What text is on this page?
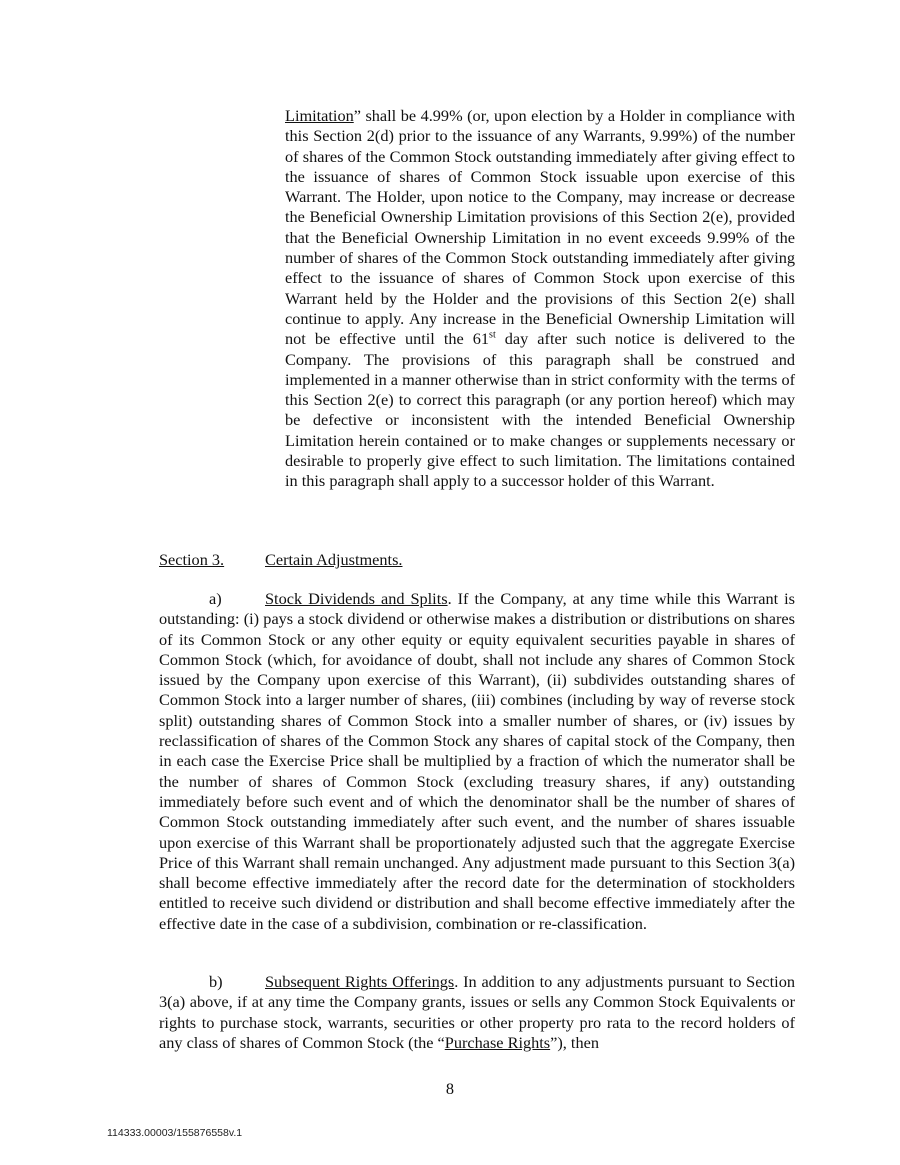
Limitation” shall be 4.99% (or, upon election by a Holder in compliance with this Section 2(d) prior to the issuance of any Warrants, 9.99%) of the number of shares of the Common Stock outstanding immediately after giving effect to the issuance of shares of Common Stock issuable upon exercise of this Warrant. The Holder, upon notice to the Company, may increase or decrease the Beneficial Ownership Limitation provisions of this Section 2(e), provided that the Beneficial Ownership Limitation in no event exceeds 9.99% of the number of shares of the Common Stock outstanding immediately after giving effect to the issuance of shares of Common Stock upon exercise of this Warrant held by the Holder and the provisions of this Section 2(e) shall continue to apply. Any increase in the Beneficial Ownership Limitation will not be effective until the 61st day after such notice is delivered to the Company. The provisions of this paragraph shall be construed and implemented in a manner otherwise than in strict conformity with the terms of this Section 2(e) to correct this paragraph (or any portion hereof) which may be defective or inconsistent with the intended Beneficial Ownership Limitation herein contained or to make changes or supplements necessary or desirable to properly give effect to such limitation. The limitations contained in this paragraph shall apply to a successor holder of this Warrant.

Section 3.	Certain Adjustments.

a)	Stock Dividends and Splits. If the Company, at any time while this Warrant is outstanding: (i) pays a stock dividend or otherwise makes a distribution or distributions on shares of its Common Stock or any other equity or equity equivalent securities payable in shares of Common Stock (which, for avoidance of doubt, shall not include any shares of Common Stock issued by the Company upon exercise of this Warrant), (ii) subdivides outstanding shares of Common Stock into a larger number of shares, (iii) combines (including by way of reverse stock split) outstanding shares of Common Stock into a smaller number of shares, or (iv) issues by reclassification of shares of the Common Stock any shares of capital stock of the Company, then in each case the Exercise Price shall be multiplied by a fraction of which the numerator shall be the number of shares of Common Stock (excluding treasury shares, if any) outstanding immediately before such event and of which the denominator shall be the number of shares of Common Stock outstanding immediately after such event, and the number of shares issuable upon exercise of this Warrant shall be proportionately adjusted such that the aggregate Exercise Price of this Warrant shall remain unchanged. Any adjustment made pursuant to this Section 3(a) shall become effective immediately after the record date for the determination of stockholders entitled to receive such dividend or distribution and shall become effective immediately after the effective date in the case of a subdivision, combination or re-classification.

b)	Subsequent Rights Offerings. In addition to any adjustments pursuant to Section 3(a) above, if at any time the Company grants, issues or sells any Common Stock Equivalents or rights to purchase stock, warrants, securities or other property pro rata to the record holders of any class of shares of Common Stock (the “Purchase Rights”), then

8
114333.00003/155876558v.1
